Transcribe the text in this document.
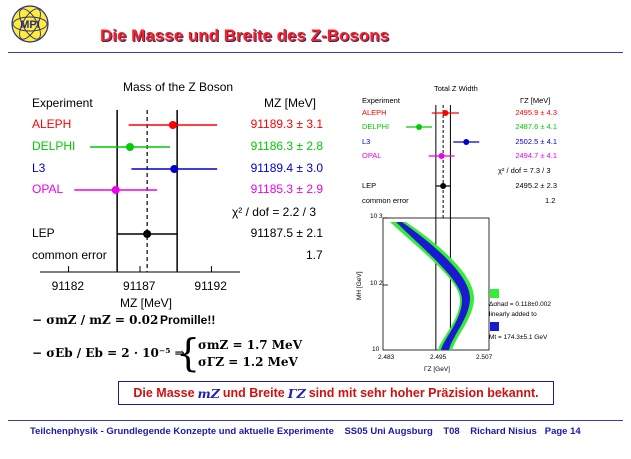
MPI
Die Masse und Breite des Z-Bosons
Mass of the Z Boson
Experiment	MZ [MeV]
ALEPH	91189.3 ± 3.1
DELPHI	91186.3 ± 2.8
L3	91189.4 ± 3.0
OPAL	91185.3 ± 2.9
LEP	91187.5 ± 2.1
χ² / dof = 2.2 / 3
common error	1.7
91182	91187	91192
MZ [MeV]
Total Z Width
Experiment	ΓZ [MeV]
ALEPH	2495.9 ± 4.3
DELPHI	2487.6 ± 4.1
L3	2502.5 ± 4.1
OPAL	2494.7 ± 4.1
LEP	2495.2 ± 2.3
χ² / dof = 7.3 / 3
common error	1.2
10 3
10 2
10
MH [GeV]
2.483	2.495	2.507
ΓZ [GeV]
Δαhad = 0.118±0.002
linearly added to
Mt = 174.3±5.1 GeV
− σmZ / mZ = 0.02 Promille!!
− σEb / Eb = 2 · 10⁻⁵ ⇒
{
σmZ = 1.7 MeV
σΓZ = 1.2 MeV
Die Masse mZ und Breite ΓZ sind mit sehr hoher Präzision bekannt.
Teilchenphysik - Grundlegende Konzepte und aktuelle Experimente SS05 Uni Augsburg T08 Richard Nisius Page 14
